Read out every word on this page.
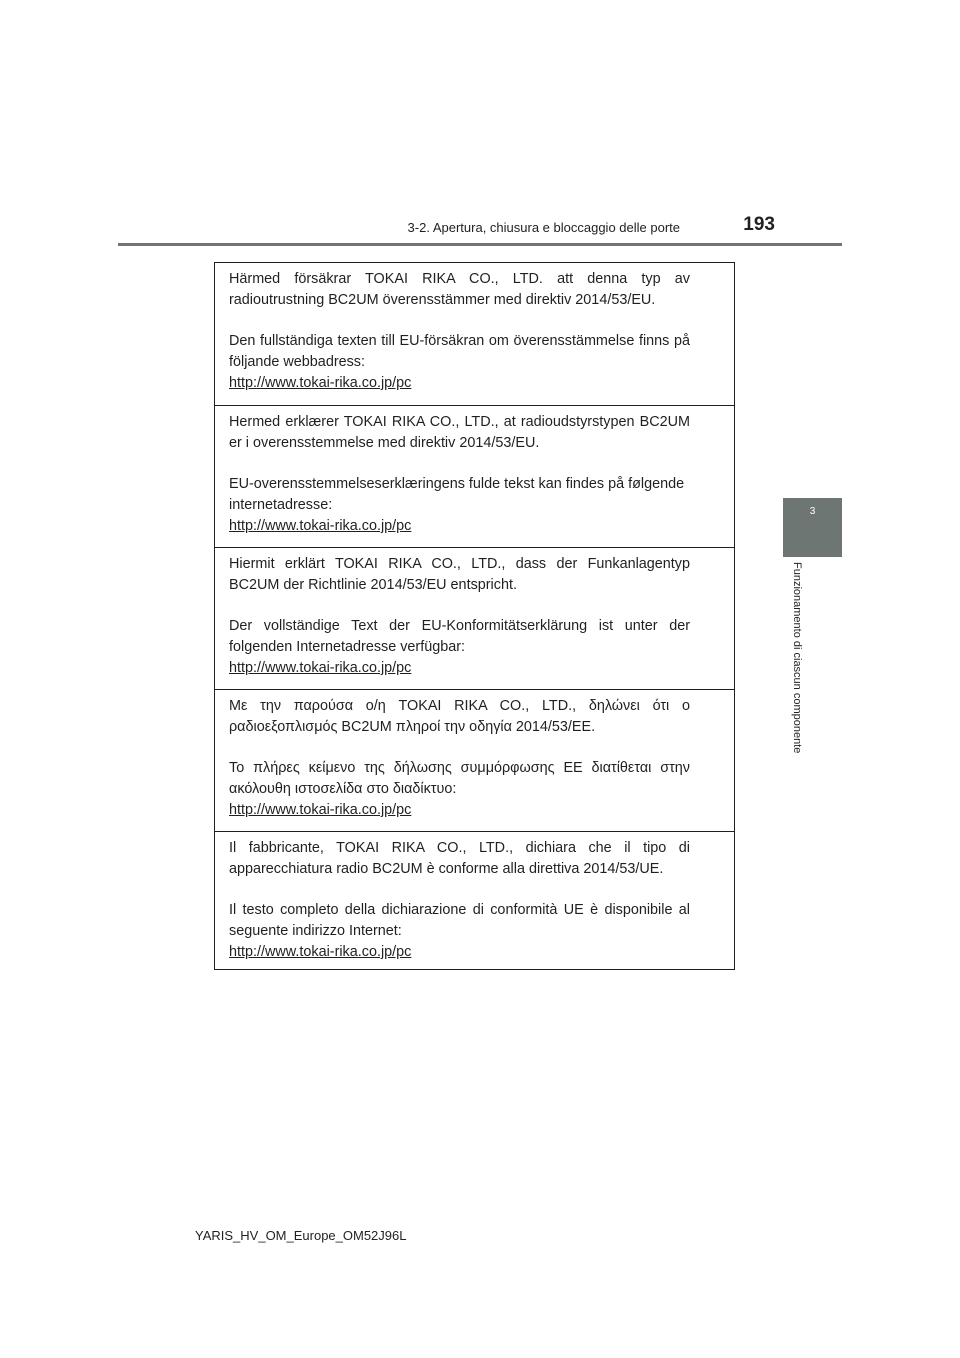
3-2. Apertura, chiusura e bloccaggio delle porte	193
3
Funzionamento di ciascun componente

Härmed försäkrar TOKAI RIKA CO., LTD. att denna typ av radioutrustning BC2UM överensstämmer med direktiv 2014/53/EU.

Den fullständiga texten till EU-försäkran om överensstämmelse finns på följande webbadress:

http://www.tokai-rika.co.jp/pc

Hermed erklærer TOKAI RIKA CO., LTD., at radioudstyrstypen BC2UM er i overensstemmelse med direktiv 2014/53/EU.

EU-overensstemmelseserklæringens fulde tekst kan findes på følgende internetadresse:

http://www.tokai-rika.co.jp/pc

Hiermit erklärt TOKAI RIKA CO., LTD., dass der Funkanlagentyp BC2UM der Richtlinie 2014/53/EU entspricht.

Der vollständige Text der EU-Konformitätserklärung ist unter der folgenden Internetadresse verfügbar:

http://www.tokai-rika.co.jp/pc

Με την παρούσα ο/η TOKAI RIKA CO., LTD., δηλώνει ότι ο ραδιοεξοπλισμός BC2UM πληροί την οδηγία 2014/53/ΕΕ.

Το πλήρες κείμενο της δήλωσης συμμόρφωσης ΕΕ διατίθεται στην ακόλουθη ιστοσελίδα στο διαδίκτυο:

http://www.tokai-rika.co.jp/pc

Il fabbricante, TOKAI RIKA CO., LTD., dichiara che il tipo di apparecchiatura radio BC2UM è conforme alla direttiva 2014/53/UE.

Il testo completo della dichiarazione di conformità UE è disponibile al seguente indirizzo Internet:

http://www.tokai-rika.co.jp/pc
YARIS_HV_OM_Europe_OM52J96L
